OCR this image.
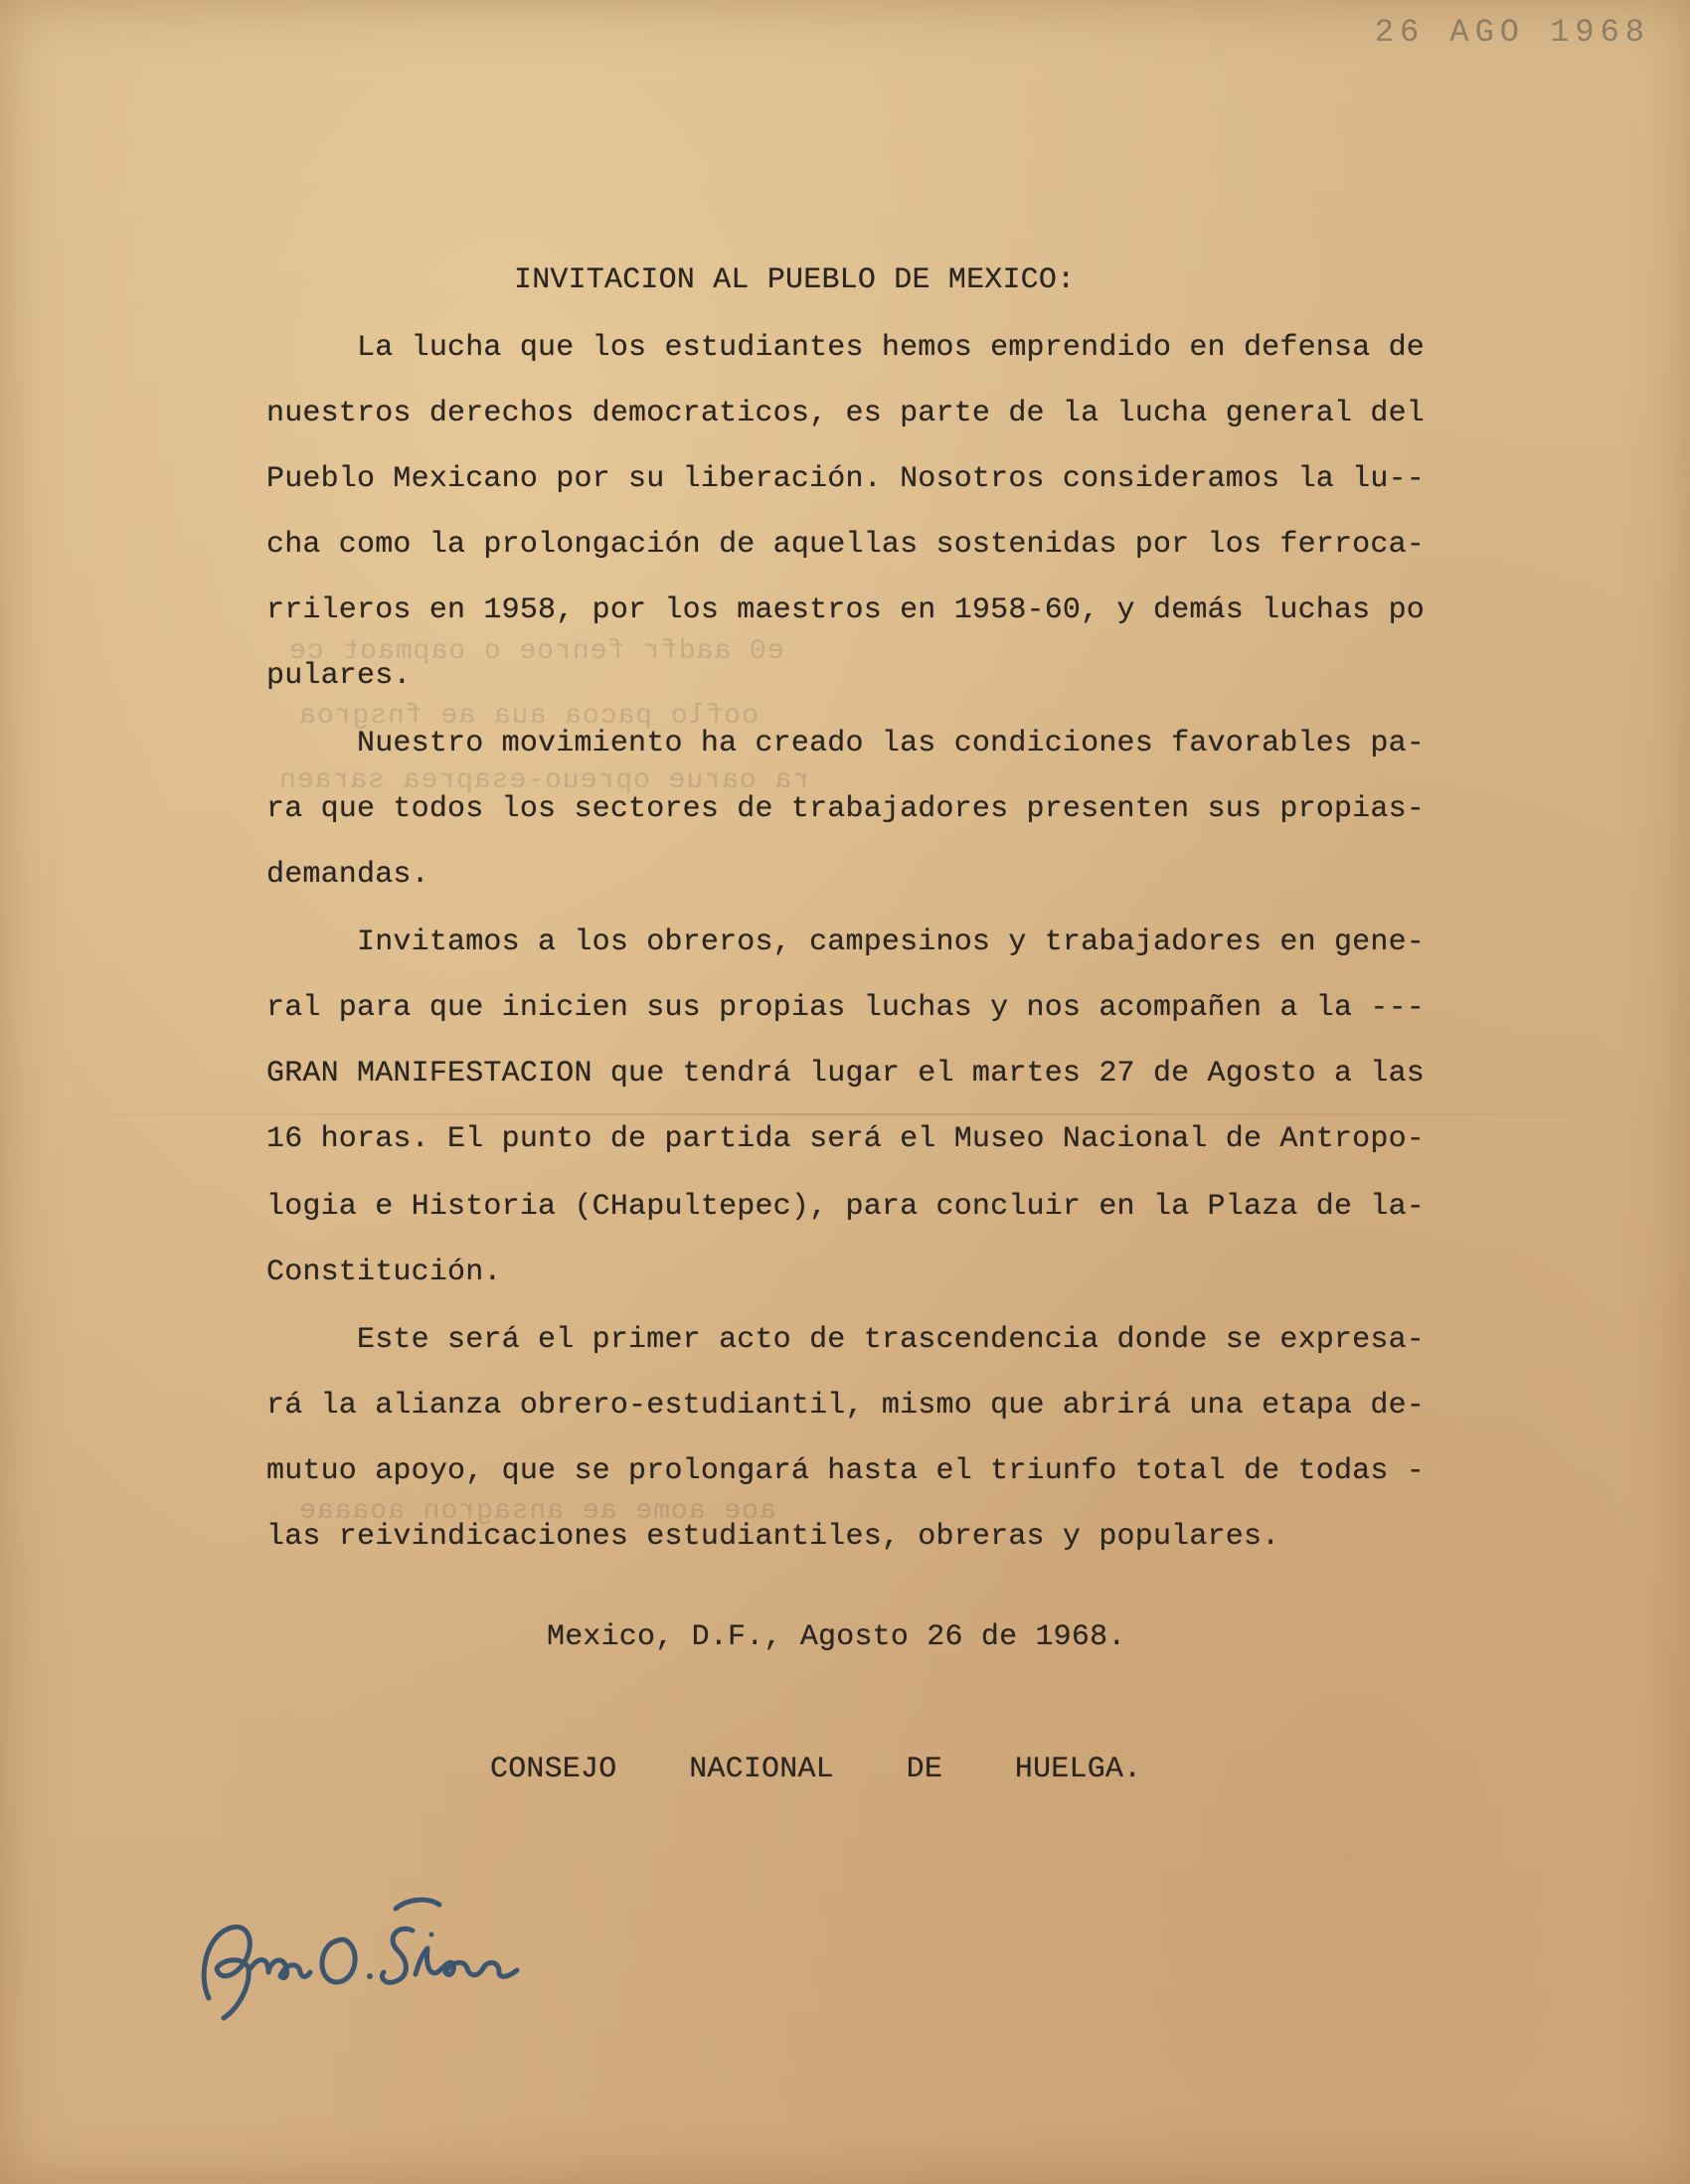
26 AGO 1968
e0 aadfr fenroe o oapmaot ce
ooflo pacoa aua ae fnsgroa
ra oarue opreuo-esaprea saraen
aoe aome ae ansagron aoaaae
INVITACION AL PUEBLO DE MEXICO:
La lucha que los estudiantes hemos emprendido en defensa de
nuestros derechos democraticos, es parte de la lucha general del
Pueblo Mexicano por su liberación. Nosotros consideramos la lu--
cha como la prolongación de aquellas sostenidas por los ferroca-
rrileros en 1958, por los maestros en 1958-60, y demás luchas po
pulares.
Nuestro movimiento ha creado las condiciones favorables pa-
ra que todos los sectores de trabajadores presenten sus propias-
demandas.
Invitamos a los obreros, campesinos y trabajadores en gene-
ral para que inicien sus propias luchas y nos acompañen a la ---
GRAN MANIFESTACION que tendrá lugar el martes 27 de Agosto a las
16 horas. El punto de partida será el Museo Nacional de Antropo-
logia e Historia (CHapultepec), para concluir en la Plaza de la-
Constitución.
Este será el primer acto de trascendencia donde se expresa-
rá la alianza obrero-estudiantil, mismo que abrirá una etapa de-
mutuo apoyo, que se prolongará hasta el triunfo total de todas -
las reivindicaciones estudiantiles, obreras y populares.
Mexico, D.F., Agosto 26 de 1968.
CONSEJO    NACIONAL    DE    HUELGA.
